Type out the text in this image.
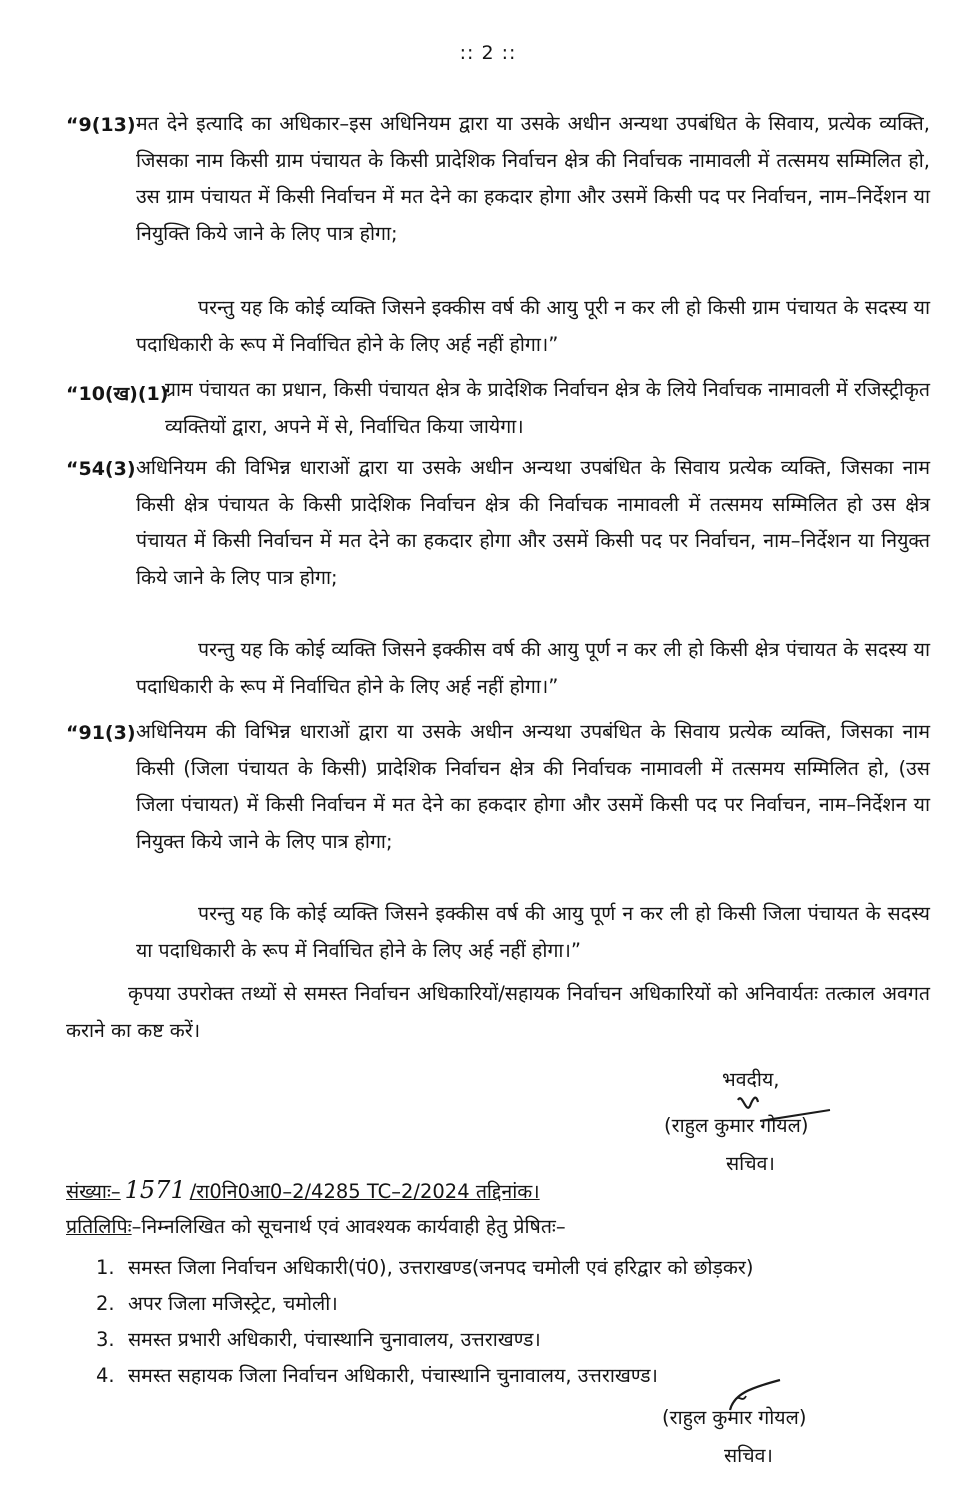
:: 2 ::
“9(13) मत देने इत्यादि का अधिकार–इस अधिनियम द्वारा या उसके अधीन अन्यथा उपबंधित के सिवाय, प्रत्येक व्यक्ति, जिसका नाम किसी ग्राम पंचायत के किसी प्रादेशिक निर्वाचन क्षेत्र की निर्वाचक नामावली में तत्समय सम्मिलित हो, उस ग्राम पंचायत में किसी निर्वाचन में मत देने का हकदार होगा और उसमें किसी पद पर निर्वाचन, नाम–निर्देशन या नियुक्ति किये जाने के लिए पात्र होगा;
परन्तु यह कि कोई व्यक्ति जिसने इक्कीस वर्ष की आयु पूरी न कर ली हो किसी ग्राम पंचायत के सदस्य या पदाधिकारी के रूप में निर्वाचित होने के लिए अर्ह नहीं होगा।”
“10(ख)(1)
ग्राम पंचायत का प्रधान, किसी पंचायत क्षेत्र के प्रादेशिक निर्वाचन क्षेत्र के लिये निर्वाचक नामावली में रजिस्ट्रीकृत व्यक्तियों द्वारा, अपने में से, निर्वाचित किया जायेगा।
“54(3) अधिनियम की विभिन्न धाराओं द्वारा या उसके अधीन अन्यथा उपबंधित के सिवाय प्रत्येक व्यक्ति, जिसका नाम किसी क्षेत्र पंचायत के किसी प्रादेशिक निर्वाचन क्षेत्र की निर्वाचक नामावली में तत्समय सम्मिलित हो उस क्षेत्र पंचायत में किसी निर्वाचन में मत देने का हकदार होगा और उसमें किसी पद पर निर्वाचन, नाम–निर्देशन या नियुक्त किये जाने के लिए पात्र होगा;
परन्तु यह कि कोई व्यक्ति जिसने इक्कीस वर्ष की आयु पूर्ण न कर ली हो किसी क्षेत्र पंचायत के सदस्य या पदाधिकारी के रूप में निर्वाचित होने के लिए अर्ह नहीं होगा।”
“91(3) अधिनियम की विभिन्न धाराओं द्वारा या उसके अधीन अन्यथा उपबंधित के सिवाय प्रत्येक व्यक्ति, जिसका नाम किसी (जिला पंचायत के किसी) प्रादेशिक निर्वाचन क्षेत्र की निर्वाचक नामावली में तत्समय सम्मिलित हो, (उस जिला पंचायत) में किसी निर्वाचन में मत देने का हकदार होगा और उसमें किसी पद पर निर्वाचन, नाम–निर्देशन या नियुक्त किये जाने के लिए पात्र होगा;
परन्तु यह कि कोई व्यक्ति जिसने इक्कीस वर्ष की आयु पूर्ण न कर ली हो किसी जिला पंचायत के सदस्य या पदाधिकारी के रूप में निर्वाचित होने के लिए अर्ह नहीं होगा।”
कृपया उपरोक्त तथ्यों से समस्त निर्वाचन अधिकारियों/सहायक निर्वाचन अधिकारियों को अनिवार्यतः तत्काल अवगत कराने का कष्ट करें।
भवदीय,
(राहुल कुमार गोयल)
सचिव।
संख्याः– 1571 /रा0नि0आ0–2/4285 TC–2/2024 तद्दिनांक।
प्रतिलिपिः–निम्नलिखित को सूचनार्थ एवं आवश्यक कार्यवाही हेतु प्रेषितः–
1. समस्त जिला निर्वाचन अधिकारी(पं0), उत्तराखण्ड(जनपद चमोली एवं हरिद्वार को छोड़कर)
2. अपर जिला मजिस्ट्रेट, चमोली।
3. समस्त प्रभारी अधिकारी, पंचास्थानि चुनावालय, उत्तराखण्ड।
4. समस्त सहायक जिला निर्वाचन अधिकारी, पंचास्थानि चुनावालय, उत्तराखण्ड।
(राहुल कुमार गोयल)
सचिव।
